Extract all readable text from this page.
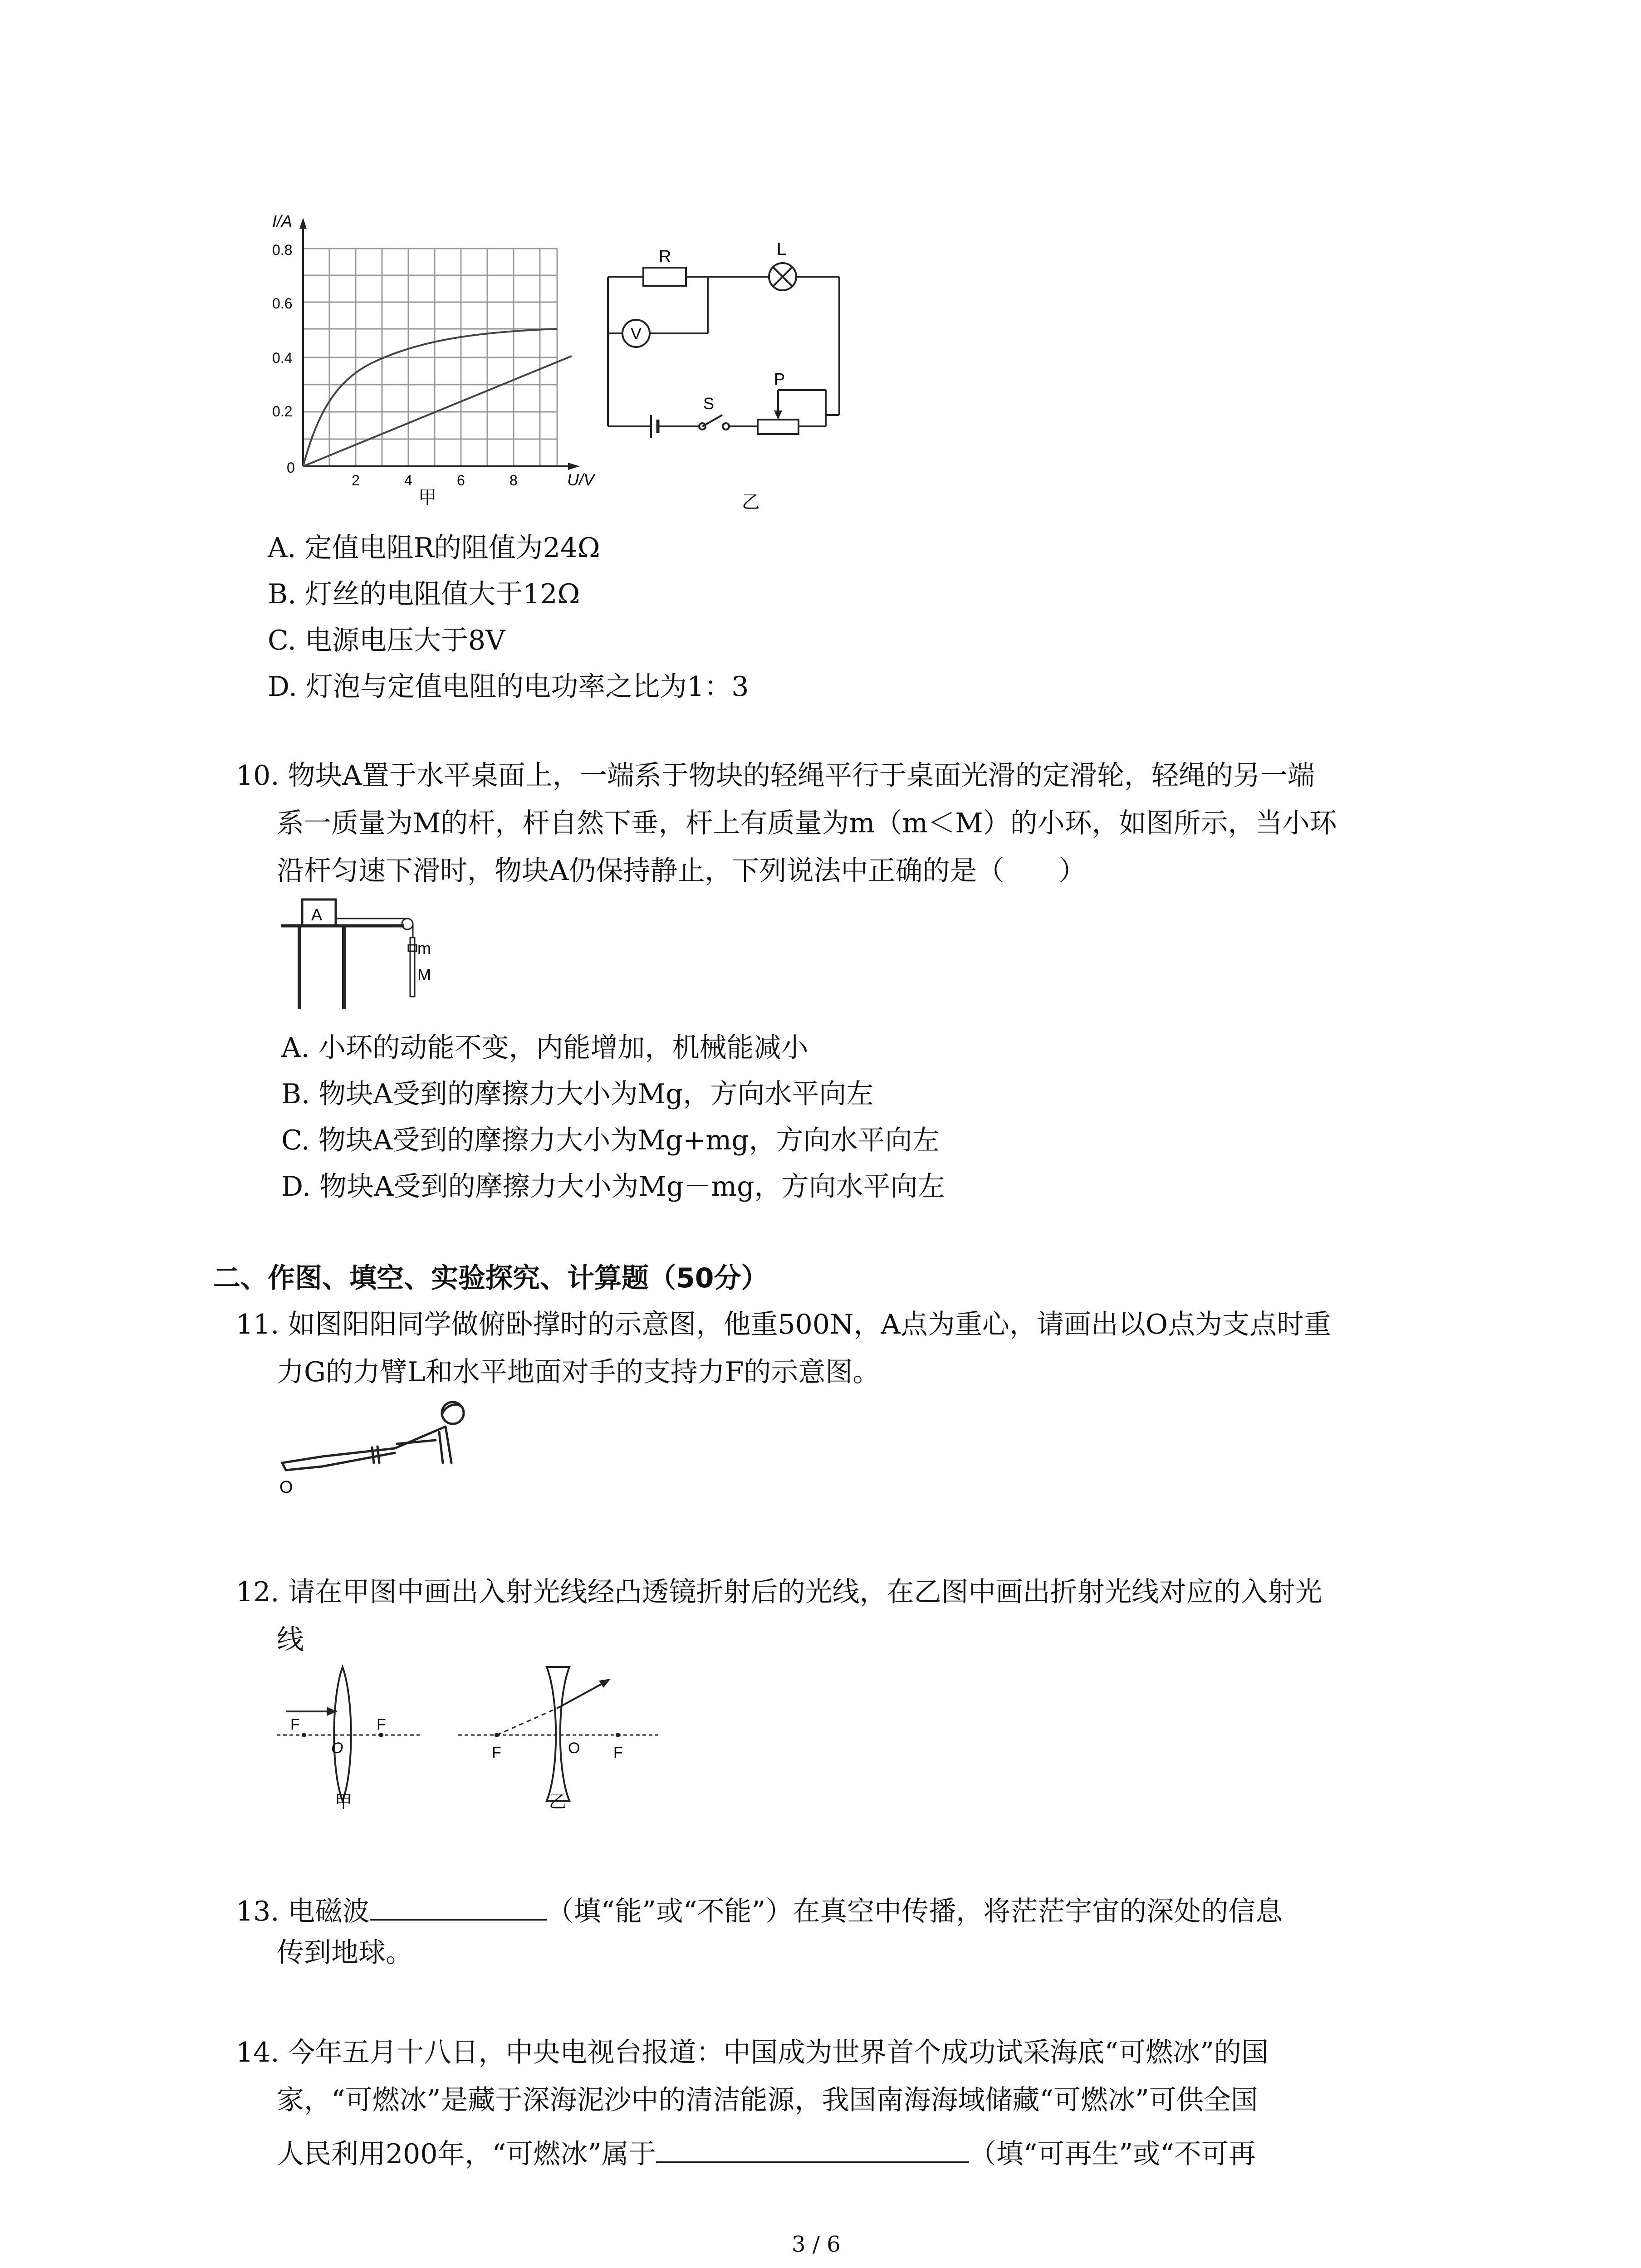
I/A
0.8
0.6
0.4
0.2
0
2	4	6	8	U/V
甲
R	L
V
S
P
乙
A. 定值电阻R的阻值为24Ω
B. 灯丝的电阻值大于12Ω
C. 电源电压大于8V
D. 灯泡与定值电阻的电功率之比为1：3
10. 物块A置于水平桌面上，一端系于物块的轻绳平行于桌面光滑的定滑轮，轻绳的另一端
系一质量为M的杆，杆自然下垂，杆上有质量为m（m＜M）的小环，如图所示，当小环
沿杆匀速下滑时，物块A仍保持静止，下列说法中正确的是（　　）
A
m
M
A. 小环的动能不变，内能增加，机械能减小
B. 物块A受到的摩擦力大小为Mg，方向水平向左
C. 物块A受到的摩擦力大小为Mg+mg，方向水平向左
D. 物块A受到的摩擦力大小为Mg－mg，方向水平向左
二、作图、填空、实验探究、计算题（50分）
11. 如图阳阳同学做俯卧撑时的示意图，他重500N，A点为重心，请画出以O点为支点时重
力G的力臂L和水平地面对手的支持力F的示意图。
O
12. 请在甲图中画出入射光线经凸透镜折射后的光线，在乙图中画出折射光线对应的入射光
线
F	F
O
甲
F	O F
乙
13. 电磁波	（填“能”或“不能”）在真空中传播，将茫茫宇宙的深处的信息
传到地球。
14. 今年五月十八日，中央电视台报道：中国成为世界首个成功试采海底“可燃冰”的国
家，“可燃冰”是藏于深海泥沙中的清洁能源，我国南海海域储藏“可燃冰”可供全国
人民利用200年，“可燃冰”属于	（填“可再生”或“不可再
3 / 6
